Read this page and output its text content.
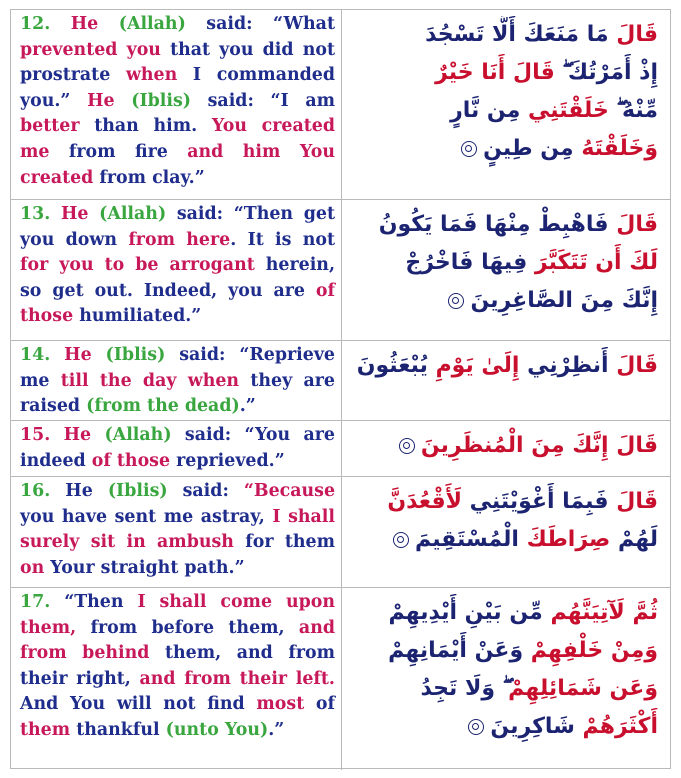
12. He (Allah) said: “What prevented you that you did not prostrate when I commanded you.” He (Iblis) said: “I am better than him. You created me from fire and him You created from clay.”
قَالَ مَا مَنَعَكَ أَلَّا تَسْجُدَ
إِذْ أَمَرْتُكَ ۖ قَالَ أَنَا خَيْرٌ
مِّنْهُ ۖ خَلَقْتَنِي مِن نَّارٍ
وَخَلَقْتَهُ مِن طِينٍ
13. He (Allah) said: “Then get you down from here. It is not for you to be arrogant herein, so get out. Indeed, you are of those humiliated.”
قَالَ فَاهْبِطْ مِنْهَا فَمَا يَكُونُ
لَكَ أَن تَتَكَبَّرَ فِيهَا فَاخْرُجْ
إِنَّكَ مِنَ الصَّاغِرِينَ
14. He (Iblis) said: “Reprieve me till the day when they are raised (from the dead).”
قَالَ أَنظِرْنِي إِلَىٰ يَوْمِ يُبْعَثُونَ
15. He (Allah) said: “You are indeed of those reprieved.”
قَالَ إِنَّكَ مِنَ الْمُنظَرِينَ
16. He (Iblis) said: “Because you have sent me astray, I shall surely sit in ambush for them on Your straight path.”
قَالَ فَبِمَا أَغْوَيْتَنِي لَأَقْعُدَنَّ
لَهُمْ صِرَاطَكَ الْمُسْتَقِيمَ
17. “Then I shall come upon them, from before them, and from behind them, and from their right, and from their left. And You will not find most of them thankful (unto You).”
ثُمَّ لَآتِيَنَّهُم مِّن بَيْنِ أَيْدِيهِمْ
وَمِنْ خَلْفِهِمْ وَعَنْ أَيْمَانِهِمْ
وَعَن شَمَائِلِهِمْ ۖ وَلَا تَجِدُ
أَكْثَرَهُمْ شَاكِرِينَ
